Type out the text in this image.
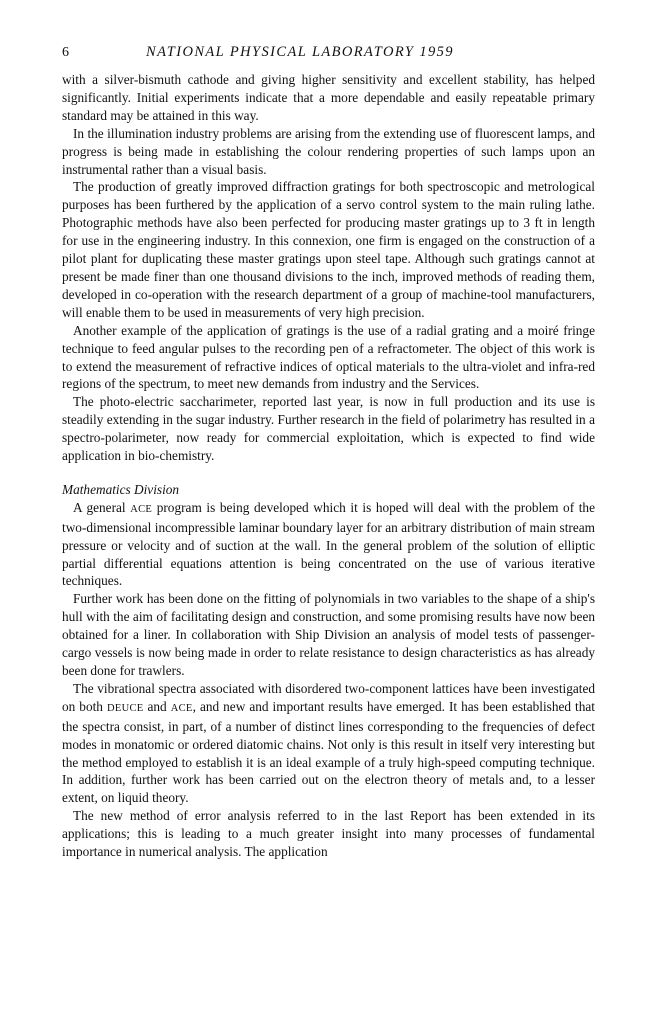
6	NATIONAL PHYSICAL LABORATORY 1959

with a silver-bismuth cathode and giving higher sensitivity and excellent stability, has helped significantly. Initial experiments indicate that a more dependable and easily repeatable primary standard may be attained in this way.

In the illumination industry problems are arising from the extending use of fluorescent lamps, and progress is being made in establishing the colour rendering properties of such lamps upon an instrumental rather than a visual basis.

The production of greatly improved diffraction gratings for both spectroscopic and metrological purposes has been furthered by the application of a servo control system to the main ruling lathe. Photographic methods have also been perfected for producing master gratings up to 3 ft in length for use in the engineering industry. In this connexion, one firm is engaged on the construction of a pilot plant for duplicating these master gratings upon steel tape. Although such gratings cannot at present be made finer than one thousand divisions to the inch, improved methods of reading them, developed in co-operation with the research department of a group of machine-tool manufacturers, will enable them to be used in measurements of very high precision.

Another example of the application of gratings is the use of a radial grating and a moiré fringe technique to feed angular pulses to the recording pen of a refractometer. The object of this work is to extend the measurement of refractive indices of optical materials to the ultra-violet and infra-red regions of the spectrum, to meet new demands from industry and the Services.

The photo-electric saccharimeter, reported last year, is now in full production and its use is steadily extending in the sugar industry. Further research in the field of polarimetry has resulted in a spectro-polarimeter, now ready for commercial exploitation, which is expected to find wide application in bio-chemistry.

Mathematics Division

A general ACE program is being developed which it is hoped will deal with the problem of the two-dimensional incompressible laminar boundary layer for an arbitrary distribution of main stream pressure or velocity and of suction at the wall. In the general problem of the solution of elliptic partial differential equations attention is being concentrated on the use of various iterative techniques.

Further work has been done on the fitting of polynomials in two variables to the shape of a ship's hull with the aim of facilitating design and construction, and some promising results have now been obtained for a liner. In collaboration with Ship Division an analysis of model tests of passenger-cargo vessels is now being made in order to relate resistance to design characteristics as has already been done for trawlers.

The vibrational spectra associated with disordered two-component lattices have been investigated on both DEUCE and ACE, and new and important results have emerged. It has been established that the spectra consist, in part, of a number of distinct lines corresponding to the frequencies of defect modes in monatomic or ordered diatomic chains. Not only is this result in itself very interesting but the method employed to establish it is an ideal example of a truly high-speed computing technique. In addition, further work has been carried out on the electron theory of metals and, to a lesser extent, on liquid theory.

The new method of error analysis referred to in the last Report has been extended in its applications; this is leading to a much greater insight into many processes of fundamental importance in numerical analysis. The application
